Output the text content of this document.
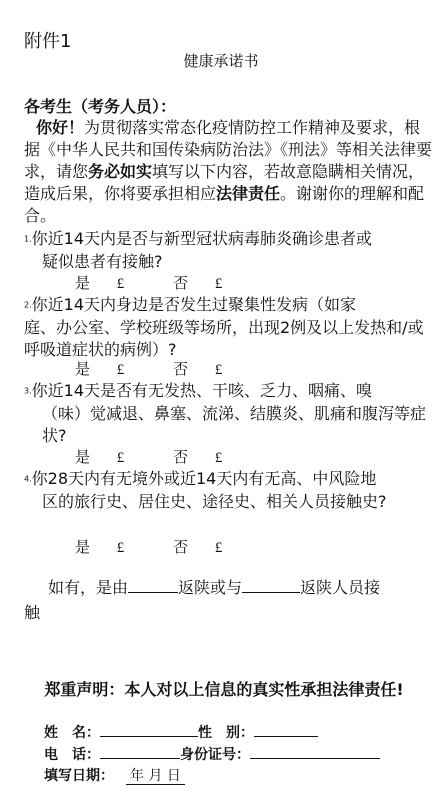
附件1
健康承诺书
各考生（考务人员）：
你好！为贯彻落实常态化疫情防控工作精神及要求，根据《中华人民共和国传染病防治法》《刑法》等相关法律要求，请您务必如实填写以下内容，若故意隐瞒相关情况，造成后果，你将要承担相应法律责任。谢谢你的理解和配合。
1.你近14天内是否与新型冠状病毒肺炎确诊患者或
疑似患者有接触?
是 £	否 £
2.你近14天内身边是否发生过聚集性发病（如家
庭、办公室、学校班级等场所，出现2例及以上发热和/或呼吸道症状的病例）?
是 £	否 £
3.你近14天是否有无发热、干咳、乏力、咽痛、嗅
（味）觉减退、鼻塞、流涕、结膜炎、肌痛和腹泻等症状?
是 £	否 £
4.你28天内有无境外或近14天内有无高、中风险地
区的旅行史、居住史、途径史、相关人员接触史?
是 £	否 £
如有，是由	返陕或与	返陕人员接
触
郑重声明：本人对以上信息的真实性承担法律责任!
姓　名：	性　别：
电　话：	身份证号：
填写日期： 年 月 日
